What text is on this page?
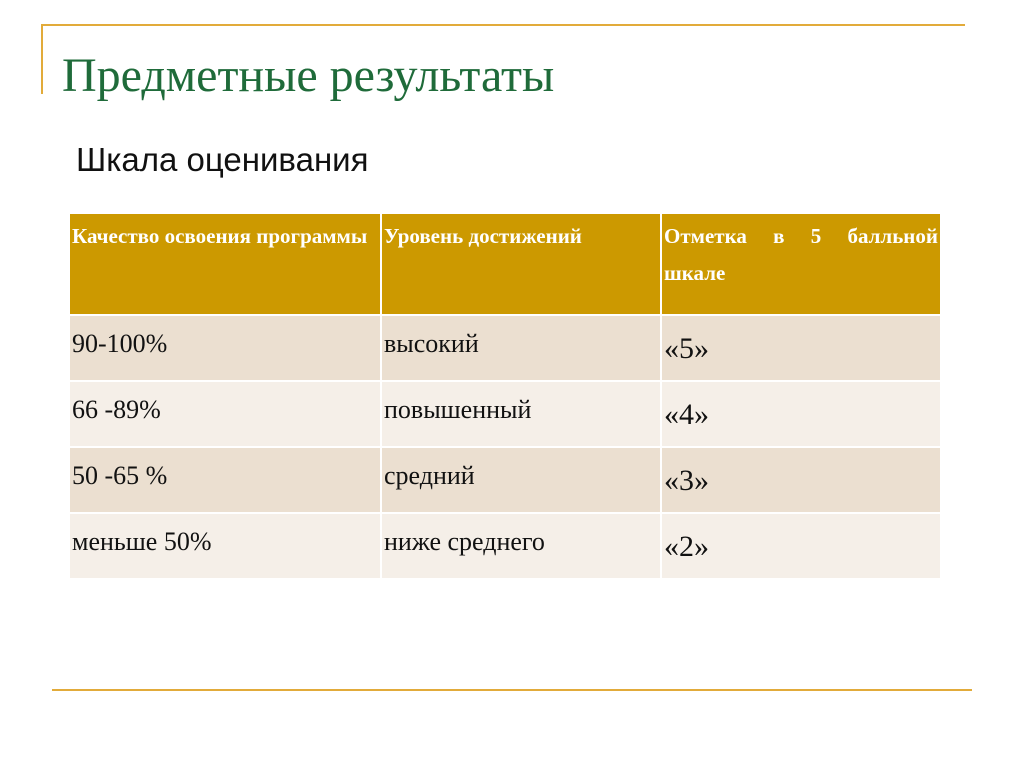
Предметные результаты
Шкала оценивания
Качество освоения программы	Уровень достижений	Отметка в 5 балльной шкале

90-100%	высокий	«5»

66 -89%	повышенный	«4»

50 -65 %	средний	«3»

меньше 50%	ниже среднего	«2»
